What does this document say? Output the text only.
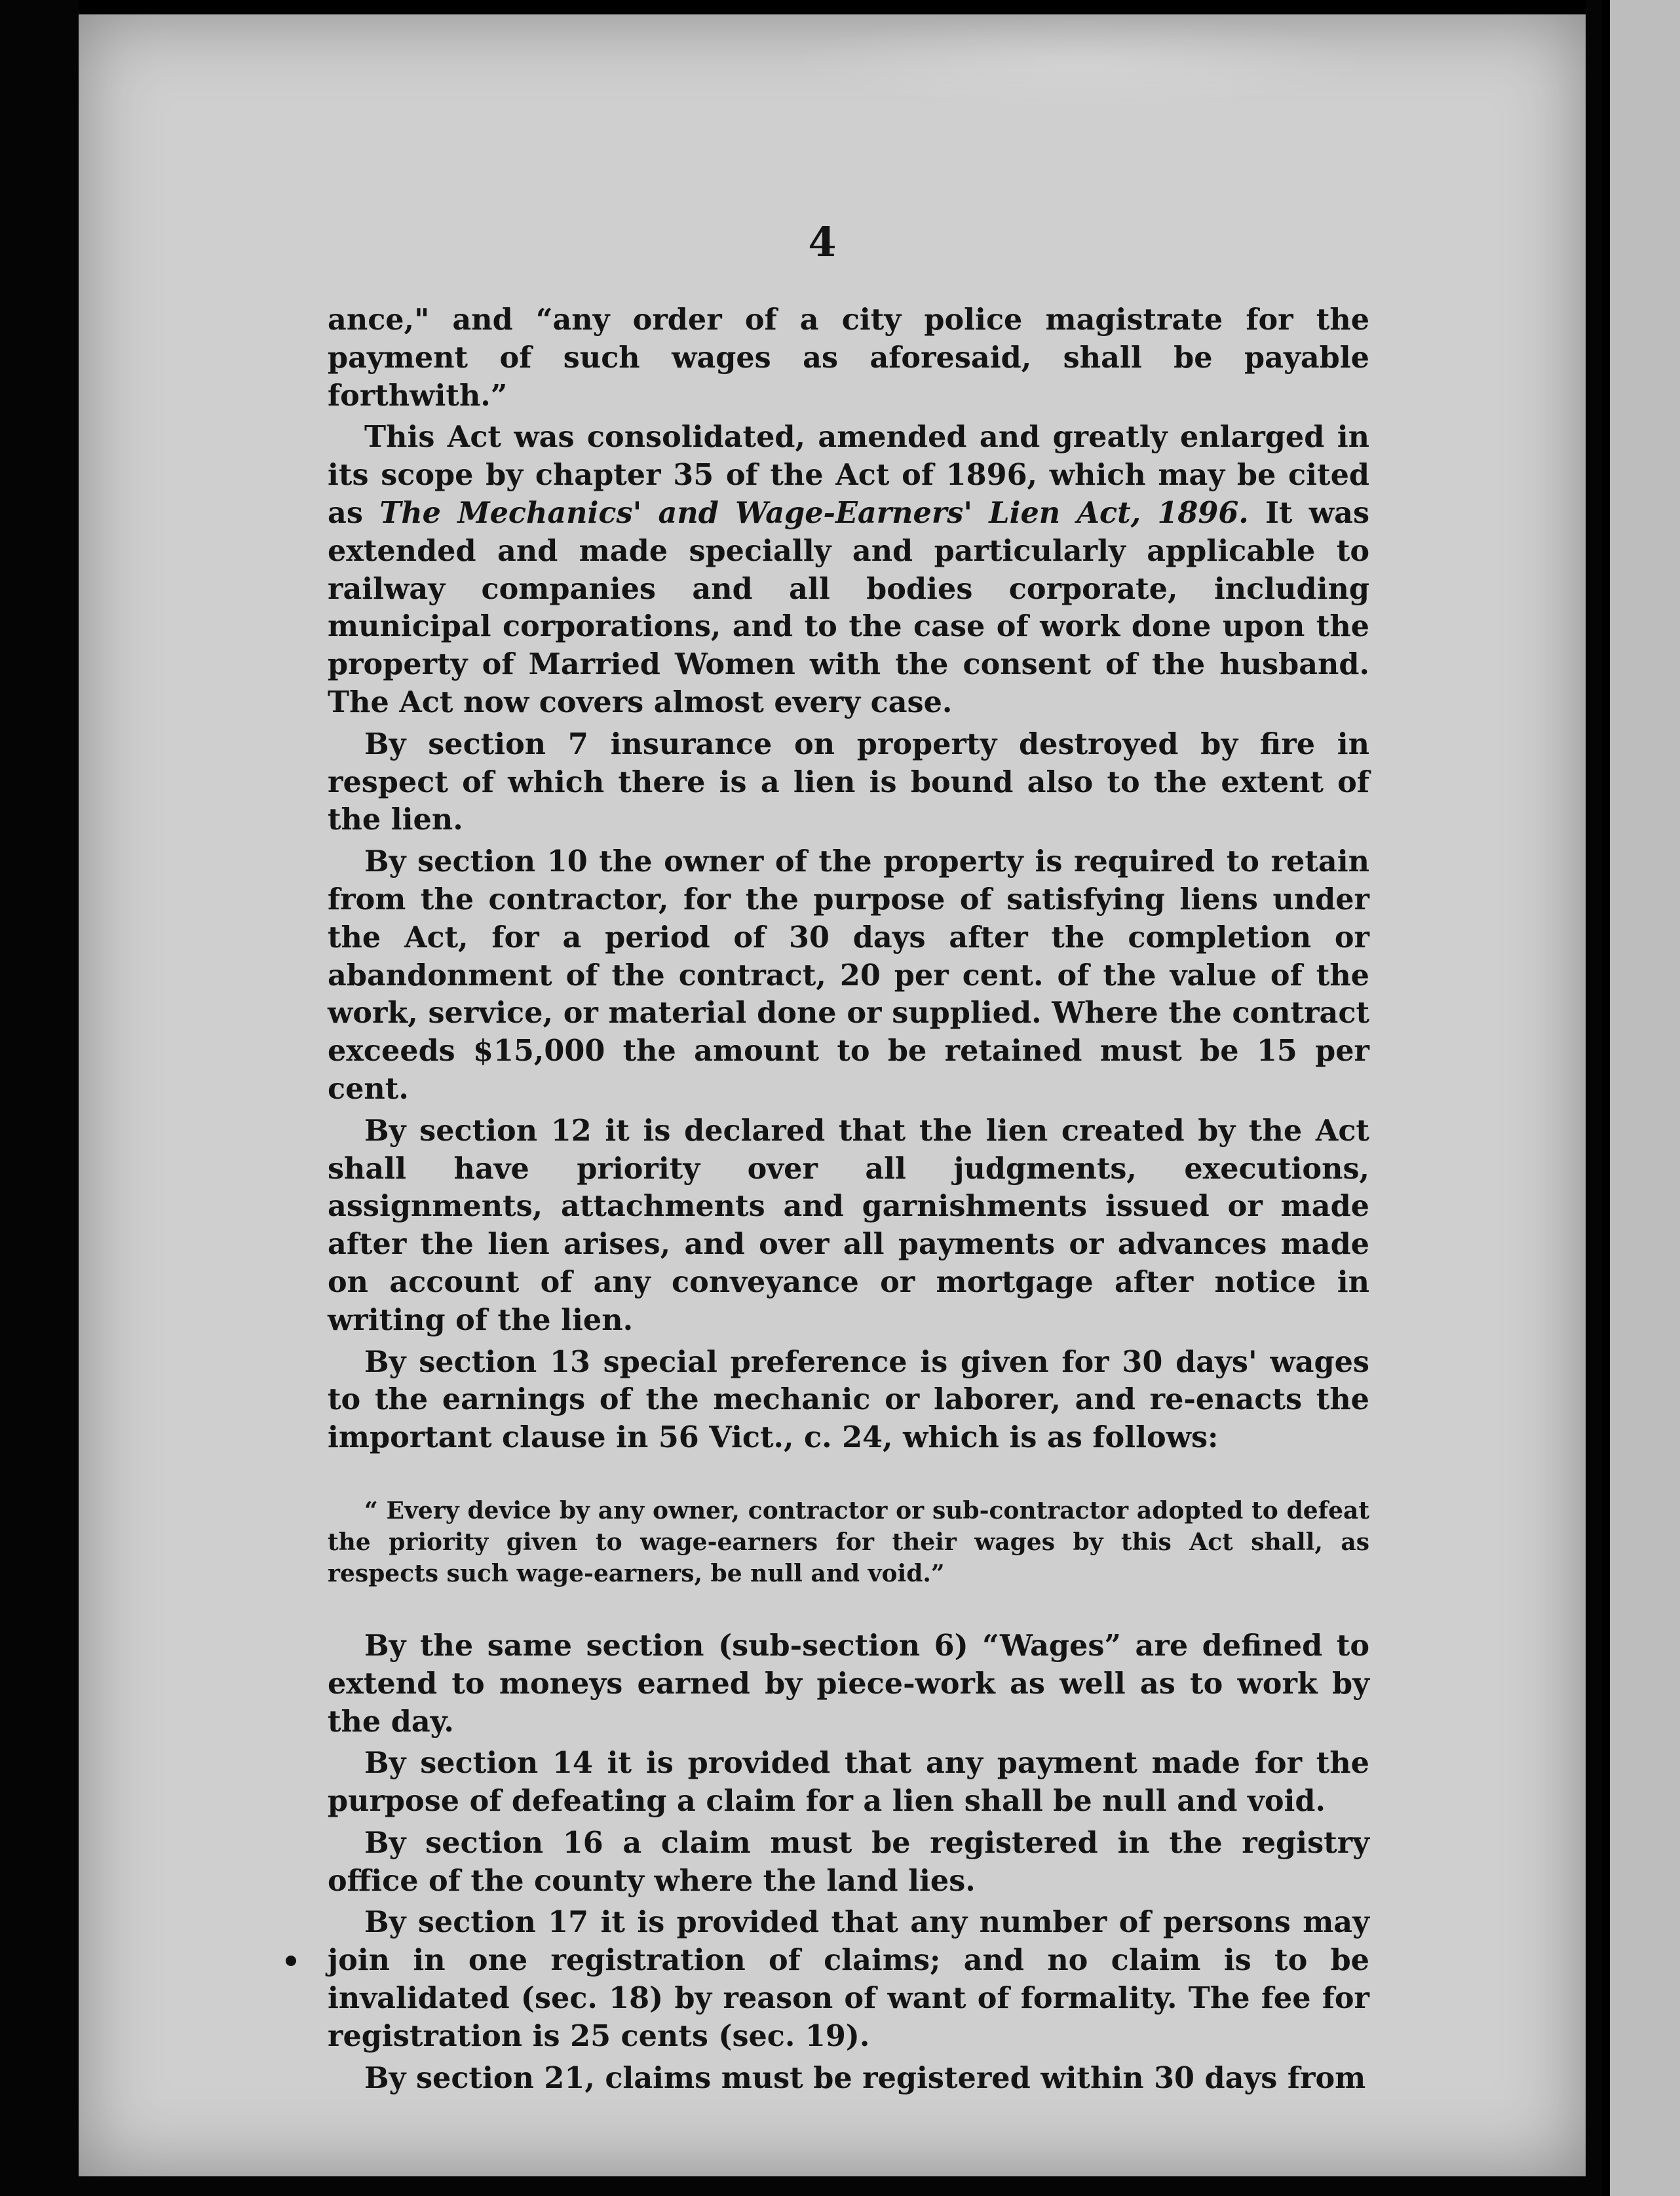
4

ance," and “any order of a city police magistrate for the payment of such wages as aforesaid, shall be payable forthwith.”

This Act was consolidated, amended and greatly enlarged in its scope by chapter 35 of the Act of 1896, which may be cited as The Mechanics' and Wage-Earners' Lien Act, 1896. It was extended and made specially and particularly applicable to railway companies and all bodies corporate, including municipal corporations, and to the case of work done upon the property of Married Women with the consent of the husband. The Act now covers almost every case.

By section 7 insurance on property destroyed by fire in respect of which there is a lien is bound also to the extent of the lien.

By section 10 the owner of the property is required to retain from the contractor, for the purpose of satisfying liens under the Act, for a period of 30 days after the completion or abandonment of the contract, 20 per cent. of the value of the work, service, or material done or supplied. Where the contract exceeds $15,000 the amount to be retained must be 15 per cent.

By section 12 it is declared that the lien created by the Act shall have priority over all judgments, executions, assignments, attachments and garnishments issued or made after the lien arises, and over all payments or advances made on account of any conveyance or mortgage after notice in writing of the lien.

By section 13 special preference is given for 30 days' wages to the earnings of the mechanic or laborer, and re-enacts the important clause in 56 Vict., c. 24, which is as follows:

“ Every device by any owner, contractor or sub-contractor adopted to defeat the priority given to wage-earners for their wages by this Act shall, as respects such wage-earners, be null and void.”

By the same section (sub-section 6) “Wages” are defined to extend to moneys earned by piece-work as well as to work by the day.

By section 14 it is provided that any payment made for the purpose of defeating a claim for a lien shall be null and void.

By section 16 a claim must be registered in the registry office of the county where the land lies.

By section 17 it is provided that any number of persons may join in one registration of claims; and no claim is to be invalidated (sec. 18) by reason of want of formality. The fee for registration is 25 cents (sec. 19).

By section 21, claims must be registered within 30 days from
